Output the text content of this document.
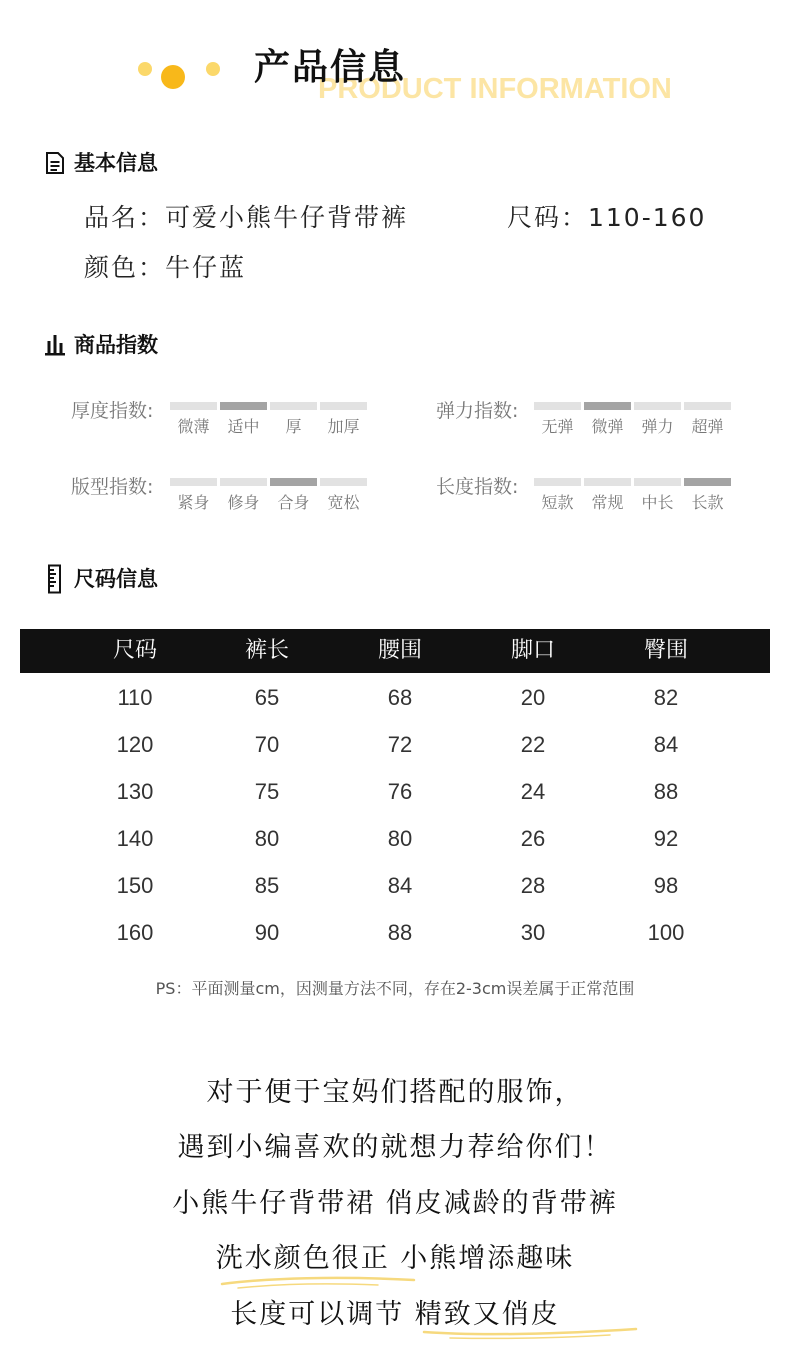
PRODUCT INFORMATION
产品信息
基本信息
品名：可爱小熊牛仔背带裤	尺码：110-160
颜色：牛仔蓝
商品指数
厚度指数:
微薄	适中	厚	加厚
弹力指数:
无弹	微弹	弹力	超弹
版型指数:
紧身	修身	合身	宽松
长度指数:
短款	常规	中长	长款
尺码信息
尺码	裤长	腰围	脚口	臀围
110	65	68	20	82
120	70	72	22	84
130	75	76	24	88
140	80	80	26	92
150	85	84	28	98
160	90	88	30	100
PS：平面测量cm，因测量方法不同，存在2-3cm误差属于正常范围
对于便于宝妈们搭配的服饰，
遇到小编喜欢的就想力荐给你们！
小熊牛仔背带裙 俏皮减龄的背带裤
洗水颜色很正 小熊增添趣味
长度可以调节 精致又俏皮
